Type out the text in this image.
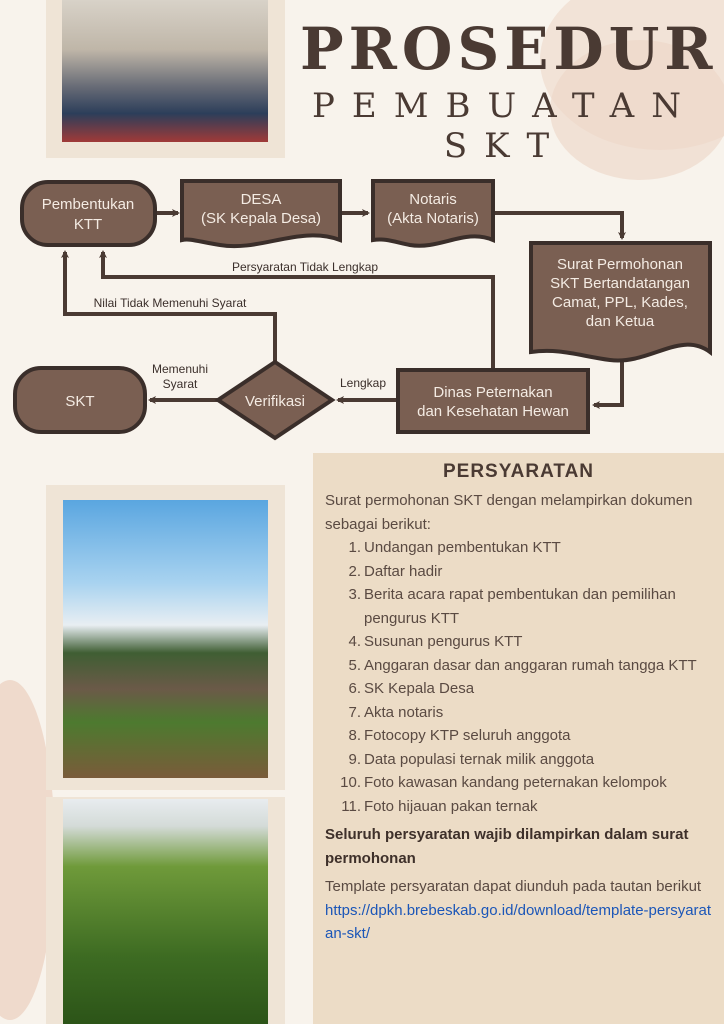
PROSEDUR
PEMBUATAN
SKT
Pembentukan
KTT
DESA
(SK Kepala Desa)
Notaris
(Akta Notaris)
Surat Permohonan
SKT Bertandatangan
Camat, PPL, Kades,
dan Ketua
Dinas Peternakan
dan Kesehatan Hewan
Verifikasi
SKT
Persyaratan Tidak Lengkap
Nilai Tidak Memenuhi Syarat
Memenuhi
Syarat	Lengkap
PERSYARATAN

Surat permohonan SKT dengan melampirkan dokumen sebagai berikut:

1. Undangan pembentukan KTT
2. Daftar hadir
3. Berita acara rapat pembentukan dan pemilihan pengurus KTT
4. Susunan pengurus KTT
5. Anggaran dasar dan anggaran rumah tangga KTT
6. SK Kepala Desa
7. Akta notaris
8. Fotocopy KTP seluruh anggota
9. Data populasi ternak milik anggota
10. Foto kawasan kandang peternakan kelompok
11. Foto hijauan pakan ternak

Seluruh persyaratan wajib dilampirkan dalam surat permohonan

Template persyaratan dapat diunduh pada tautan berikut

https://dpkh.brebeskab.go.id/download/template-persyaratan-skt/
